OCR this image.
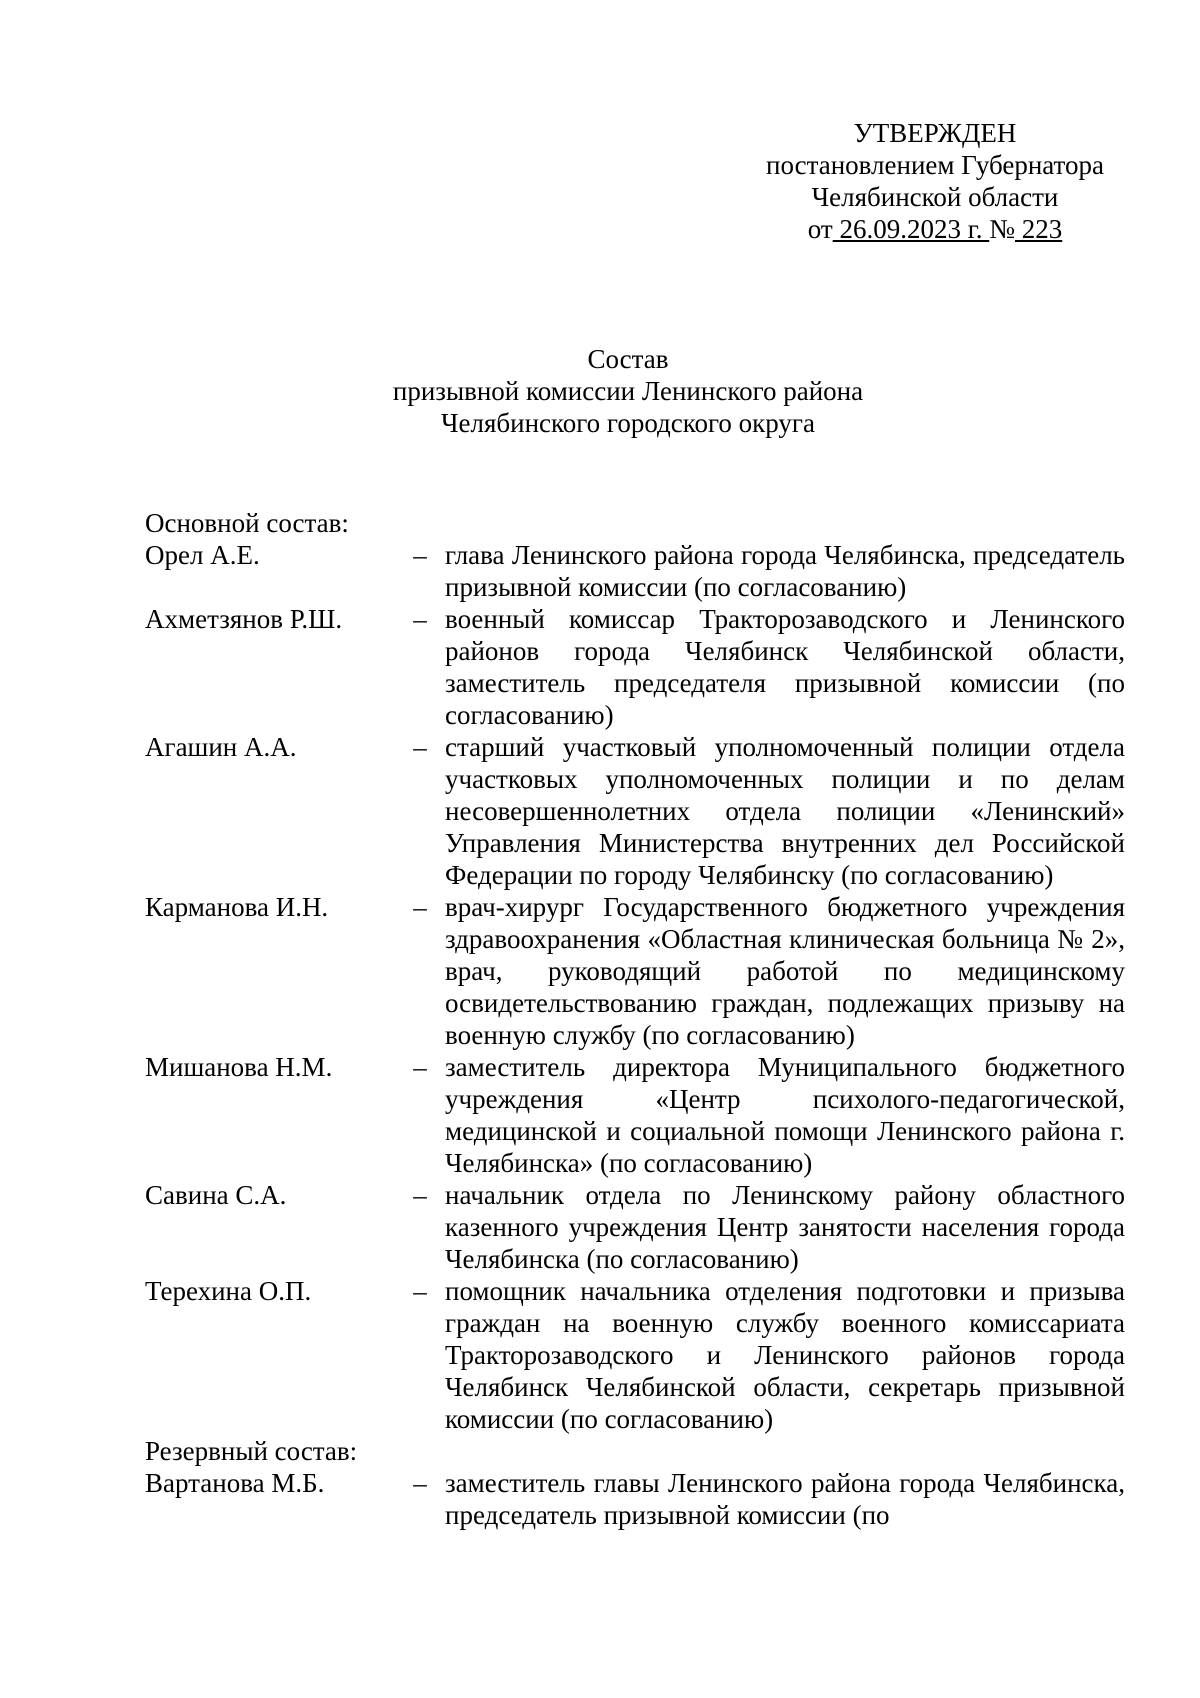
УТВЕРЖДЕН
постановлением Губернатора
Челябинской области
от 26.09.2023 г. № 223
Состав
призывной комиссии Ленинского района
Челябинского городского округа
Основной состав:
Орел А.Е.	– глава Ленинского района города Челябинска, председатель призывной комиссии (по согласованию)
Ахметзянов Р.Ш.	– военный комиссар Тракторозаводского и Ленинского районов города Челябинск Челябинской области, заместитель председателя призывной комиссии (по согласованию)
Агашин А.А.	– старший участковый уполномоченный полиции отдела участковых уполномоченных полиции и по делам несовершеннолетних отдела полиции «Ленинский» Управления Министерства внутренних дел Российской Федерации по городу Челябинску (по согласованию)
Карманова И.Н.	– врач-хирург Государственного бюджетного учреждения здравоохранения «Областная клиническая больница № 2», врач, руководящий работой по медицинскому освидетельствованию граждан, подлежащих призыву на военную службу (по согласованию)
Мишанова Н.М.	– заместитель директора Муниципального бюджетного учреждения «Центр психолого-педагогической, медицинской и социальной помощи Ленинского района г. Челябинска» (по согласованию)
Савина С.А.	– начальник отдела по Ленинскому району областного казенного учреждения Центр занятости населения города Челябинска (по согласованию)
Терехина О.П.	– помощник начальника отделения подготовки и призыва граждан на военную службу военного комиссариата Тракторозаводского и Ленинского районов города Челябинск Челябинской области, секретарь призывной комиссии (по согласованию)
Резервный состав:
Вартанова М.Б.	– заместитель главы Ленинского района города Челябинска, председатель призывной комиссии (по
